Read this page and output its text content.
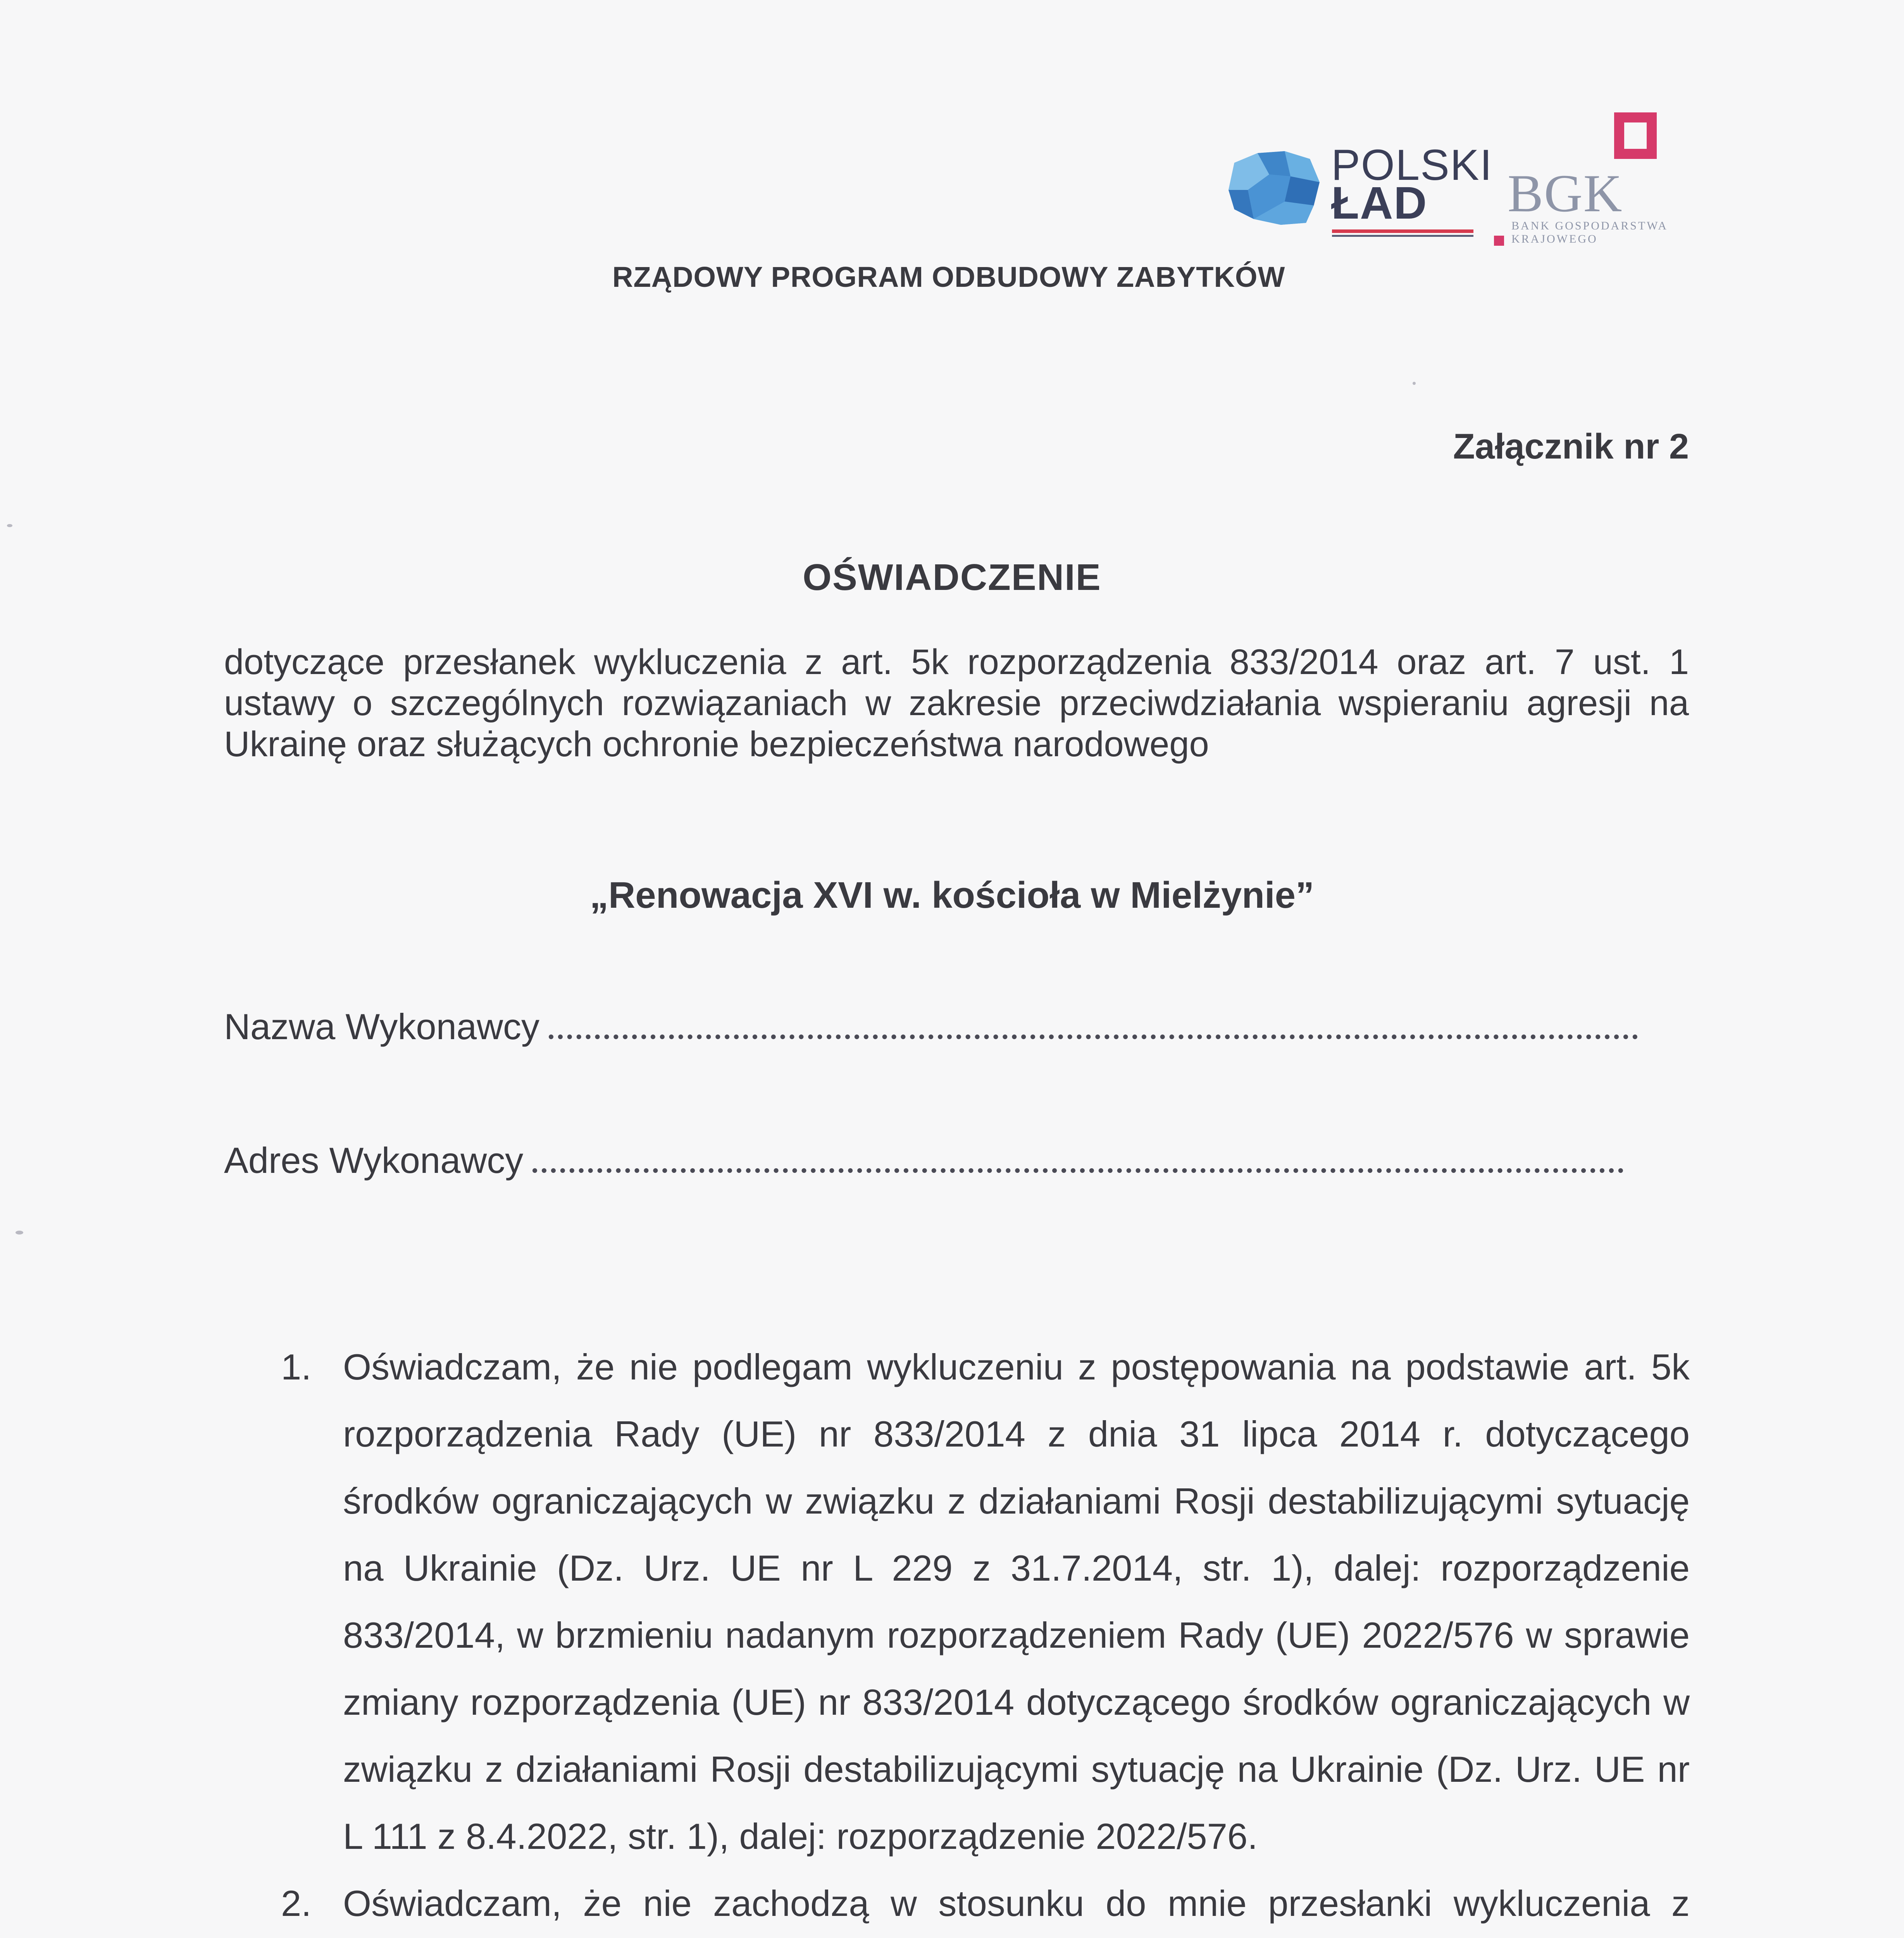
POLSKI
ŁAD BGK
BANK GOSPODARSTWA
KRAJOWEGO
RZĄDOWY PROGRAM ODBUDOWY ZABYTKÓW
Załącznik nr 2
OŚWIADCZENIE
dotyczące przesłanek wykluczenia z art. 5k rozporządzenia 833/2014 oraz art. 7 ust. 1 ustawy o szczególnych rozwiązaniach w zakresie przeciwdziałania wspieraniu agresji na Ukrainę oraz służących ochronie bezpieczeństwa narodowego
„Renowacja XVI w. kościoła w Mielżynie”
Nazwa Wykonawcy
Adres Wykonawcy
1. Oświadczam, że nie podlegam wykluczeniu z postępowania na podstawie art. 5k rozporządzenia Rady (UE) nr 833/2014 z dnia 31 lipca 2014 r. dotyczącego środków ograniczających w związku z działaniami Rosji destabilizującymi sytuację na Ukrainie (Dz. Urz. UE nr L 229 z 31.7.2014, str. 1), dalej: rozporządzenie 833/2014, w brzmieniu nadanym rozporządzeniem Rady (UE) 2022/576 w sprawie zmiany rozporządzenia (UE) nr 833/2014 dotyczącego środków ograniczających w związku z działaniami Rosji destabilizującymi sytuację na Ukrainie (Dz. Urz. UE nr L 111 z 8.4.2022, str. 1), dalej: rozporządzenie 2022/576.
2. Oświadczam, że nie zachodzą w stosunku do mnie przesłanki wykluczenia z
